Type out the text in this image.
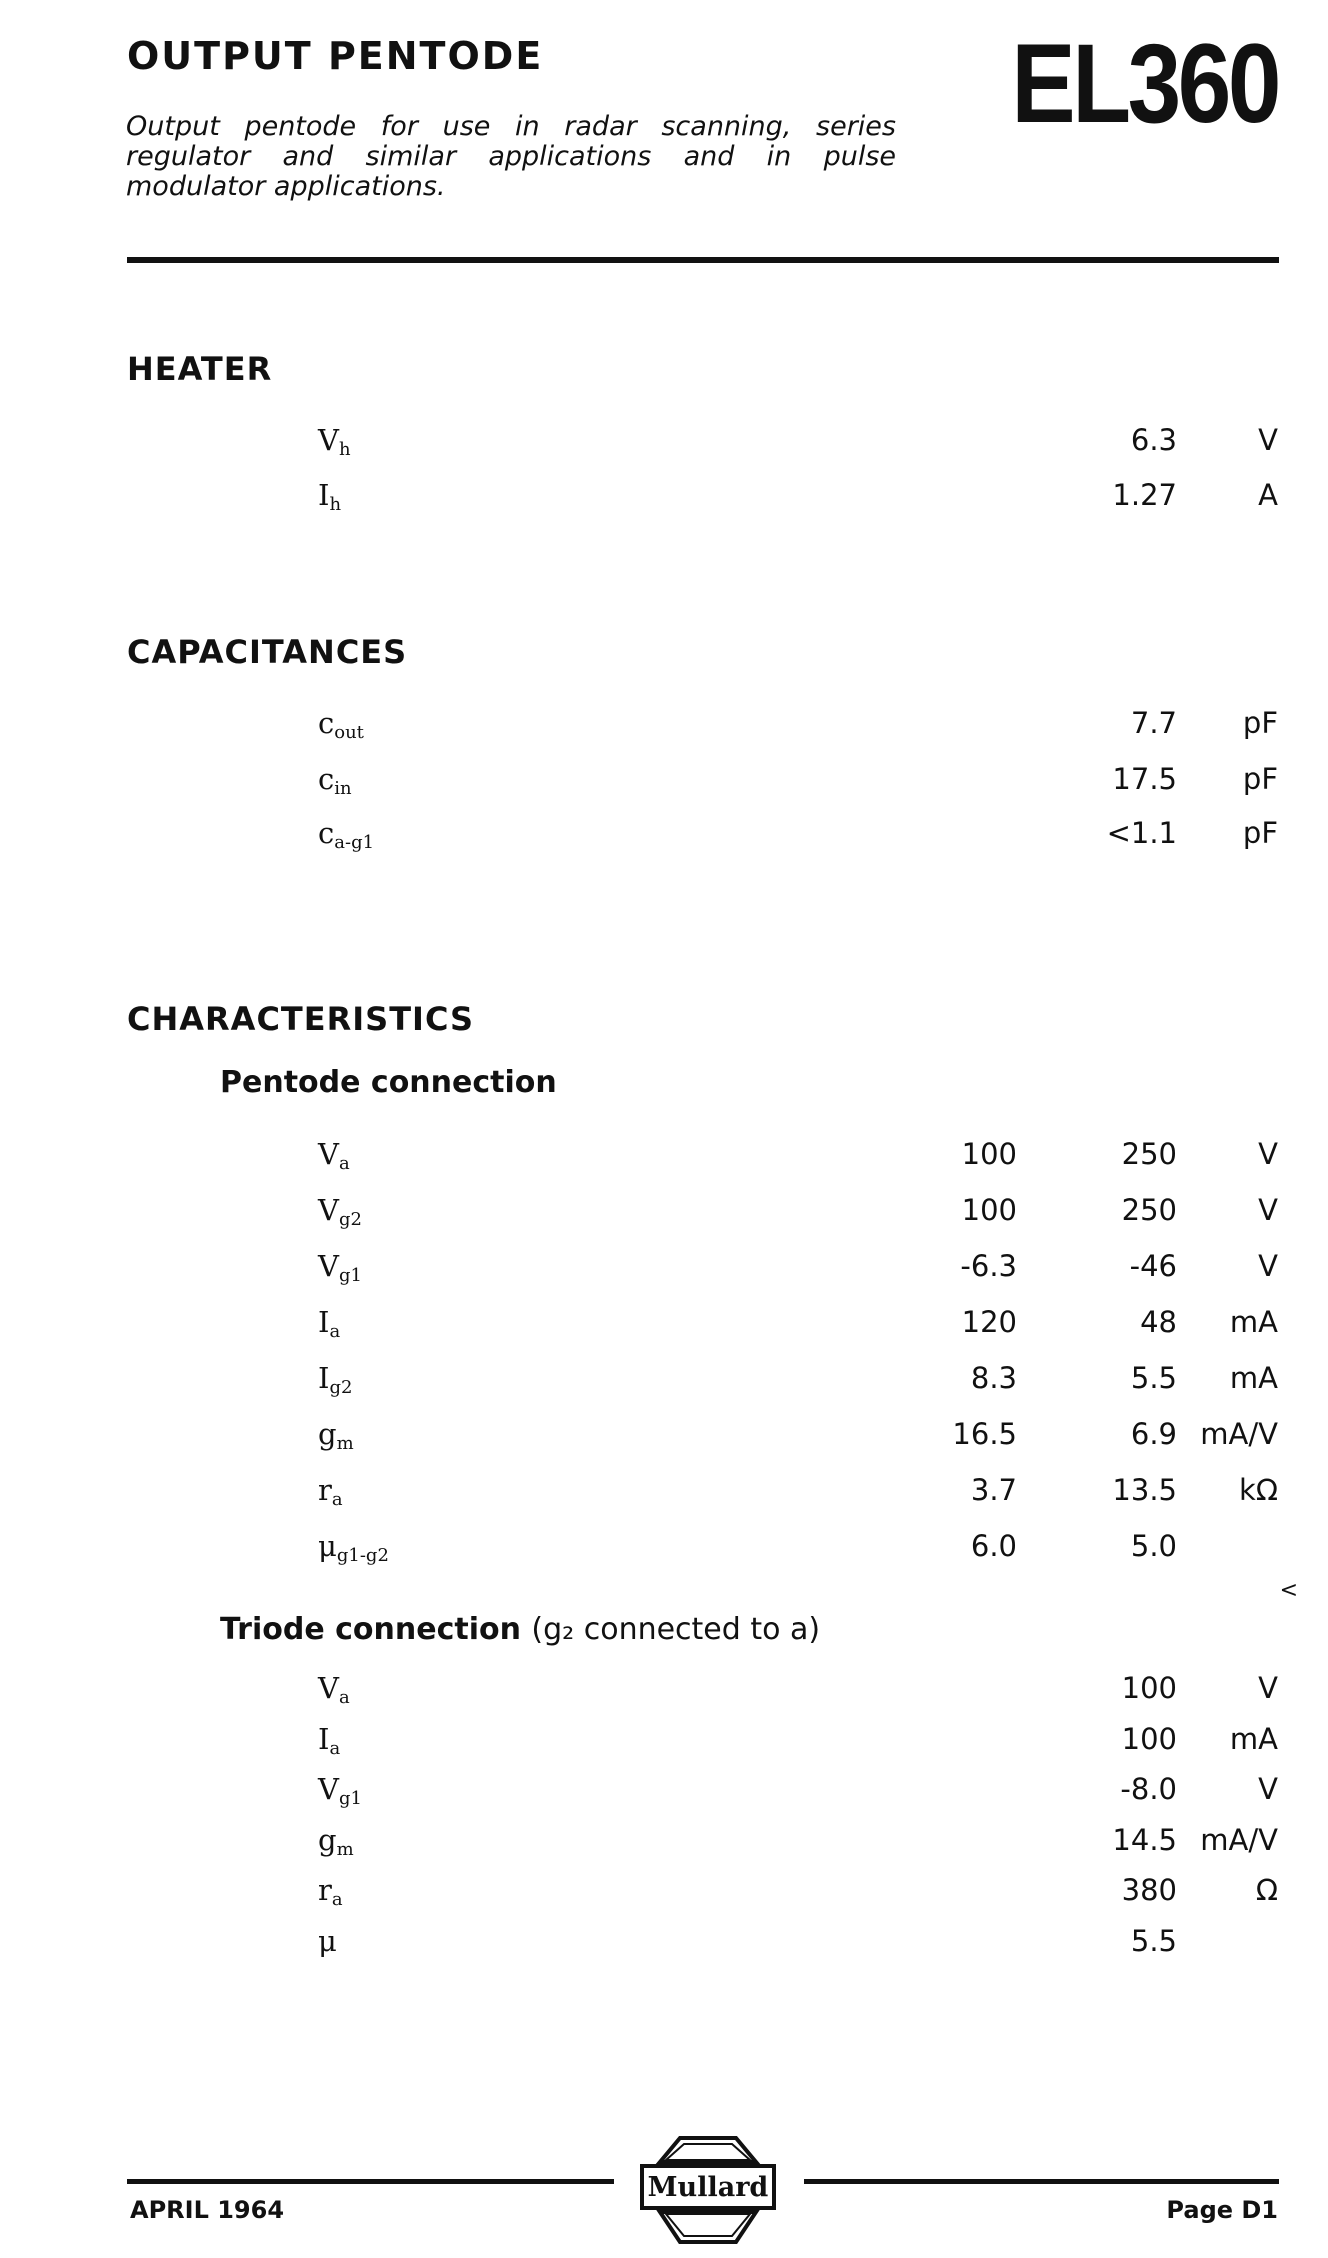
OUTPUT PENTODE	EL360
Output pentode for use in radar scanning, series regulator and similar applications and in pulse modulator applications.
HEATER
$V_h$	6.3	V
$I_h$	1.27	A
CAPACITANCES
$c_{out}$	7.7 pF
$c_{in}$	17.5 pF
$c_{a-g1}$	<1.1 pF
CHARACTERISTICS
Pentode connection
$V_a$	100	250	V
$V_{g2}$	100	250	V
$V_{g1}$	-6.3	-46	V
$I_a$	120	48 mA
$I_{g2}$	8.3	5.5 mA
$g_m$	16.5	6.9 mA/V
$r_a$	3.7	13.5 kΩ
$\mu_{g1-g2}$	6.0	5.0
Triode connection (g₂ connected to a)
$V_a$	100	V
$I_a$	100 mA
$V_{g1}$	-8.0	V
$g_m$	14.5 mA/V
$r_a$	380	Ω
μ	5.5
<
APRIL 1964	Page D1
Mullard
